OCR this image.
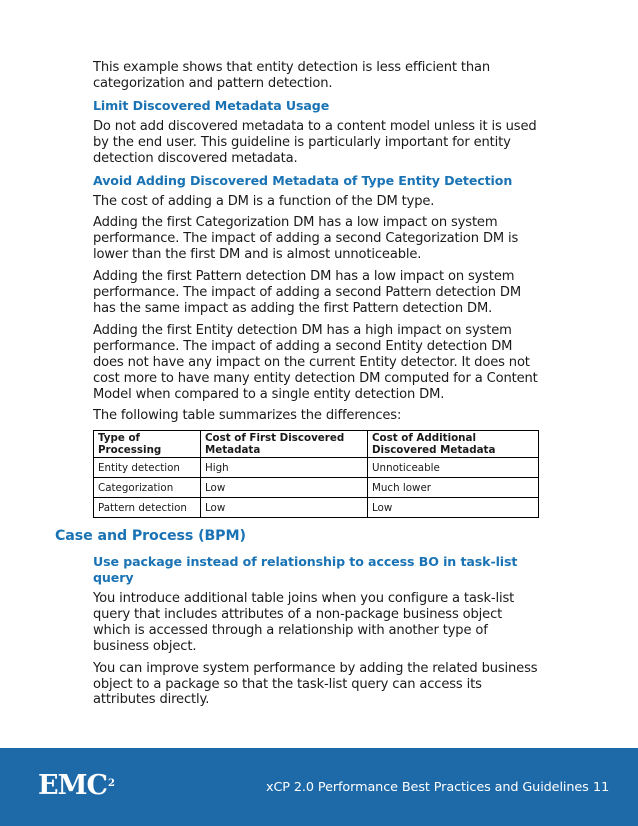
This example shows that entity detection is less efficient than categorization and pattern detection.

Limit Discovered Metadata Usage

Do not add discovered metadata to a content model unless it is used by the end user. This guideline is particularly important for entity detection discovered metadata.

Avoid Adding Discovered Metadata of Type Entity Detection

The cost of adding a DM is a function of the DM type.

Adding the first Categorization DM has a low impact on system performance. The impact of adding a second Categorization DM is lower than the first DM and is almost unnoticeable.

Adding the first Pattern detection DM has a low impact on system performance. The impact of adding a second Pattern detection DM has the same impact as adding the first Pattern detection DM.

Adding the first Entity detection DM has a high impact on system performance. The impact of adding a second Entity detection DM does not have any impact on the current Entity detector. It does not cost more to have many entity detection DM computed for a Content Model when compared to a single entity detection DM.

The following table summarizes the differences:

Type of Processing	Cost of First Discovered Metadata	Cost of Additional Discovered Metadata
Entity detection	High	Unnoticeable
Categorization	Low	Much lower
Pattern detection	Low	Low
Case and Process (BPM)
Use package instead of relationship to access BO in task-list query

You introduce additional table joins when you configure a task-list query that includes attributes of a non-package business object which is accessed through a relationship with another type of business object.

You can improve system performance by adding the related business object to a package so that the task-list query can access its attributes directly.

EMC$^2$	xCP 2.0 Performance Best Practices and Guidelines 11
